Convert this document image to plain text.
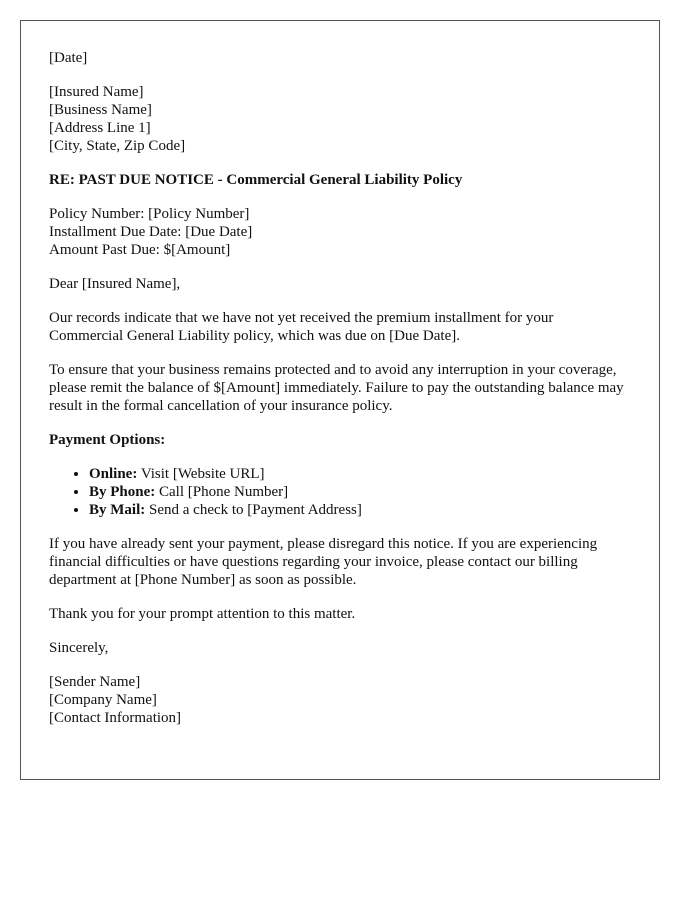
[Date]
[Insured Name]
[Business Name]
[Address Line 1]
[City, State, Zip Code]
RE: PAST DUE NOTICE - Commercial General Liability Policy
Policy Number: [Policy Number]
Installment Due Date: [Due Date]
Amount Past Due: $[Amount]

Dear [Insured Name],

Our records indicate that we have not yet received the premium installment for your Commercial General Liability policy, which was due on [Due Date].

To ensure that your business remains protected and to avoid any interruption in your coverage, please remit the balance of $[Amount] immediately. Failure to pay the outstanding balance may result in the formal cancellation of your insurance policy.

Payment Options:

• Online: Visit [Website URL]
• By Phone: Call [Phone Number]
• By Mail: Send a check to [Payment Address]

If you have already sent your payment, please disregard this notice. If you are experiencing financial difficulties or have questions regarding your invoice, please contact our billing department at [Phone Number] as soon as possible.

Thank you for your prompt attention to this matter.

Sincerely,

[Sender Name]
[Company Name]
[Contact Information]
